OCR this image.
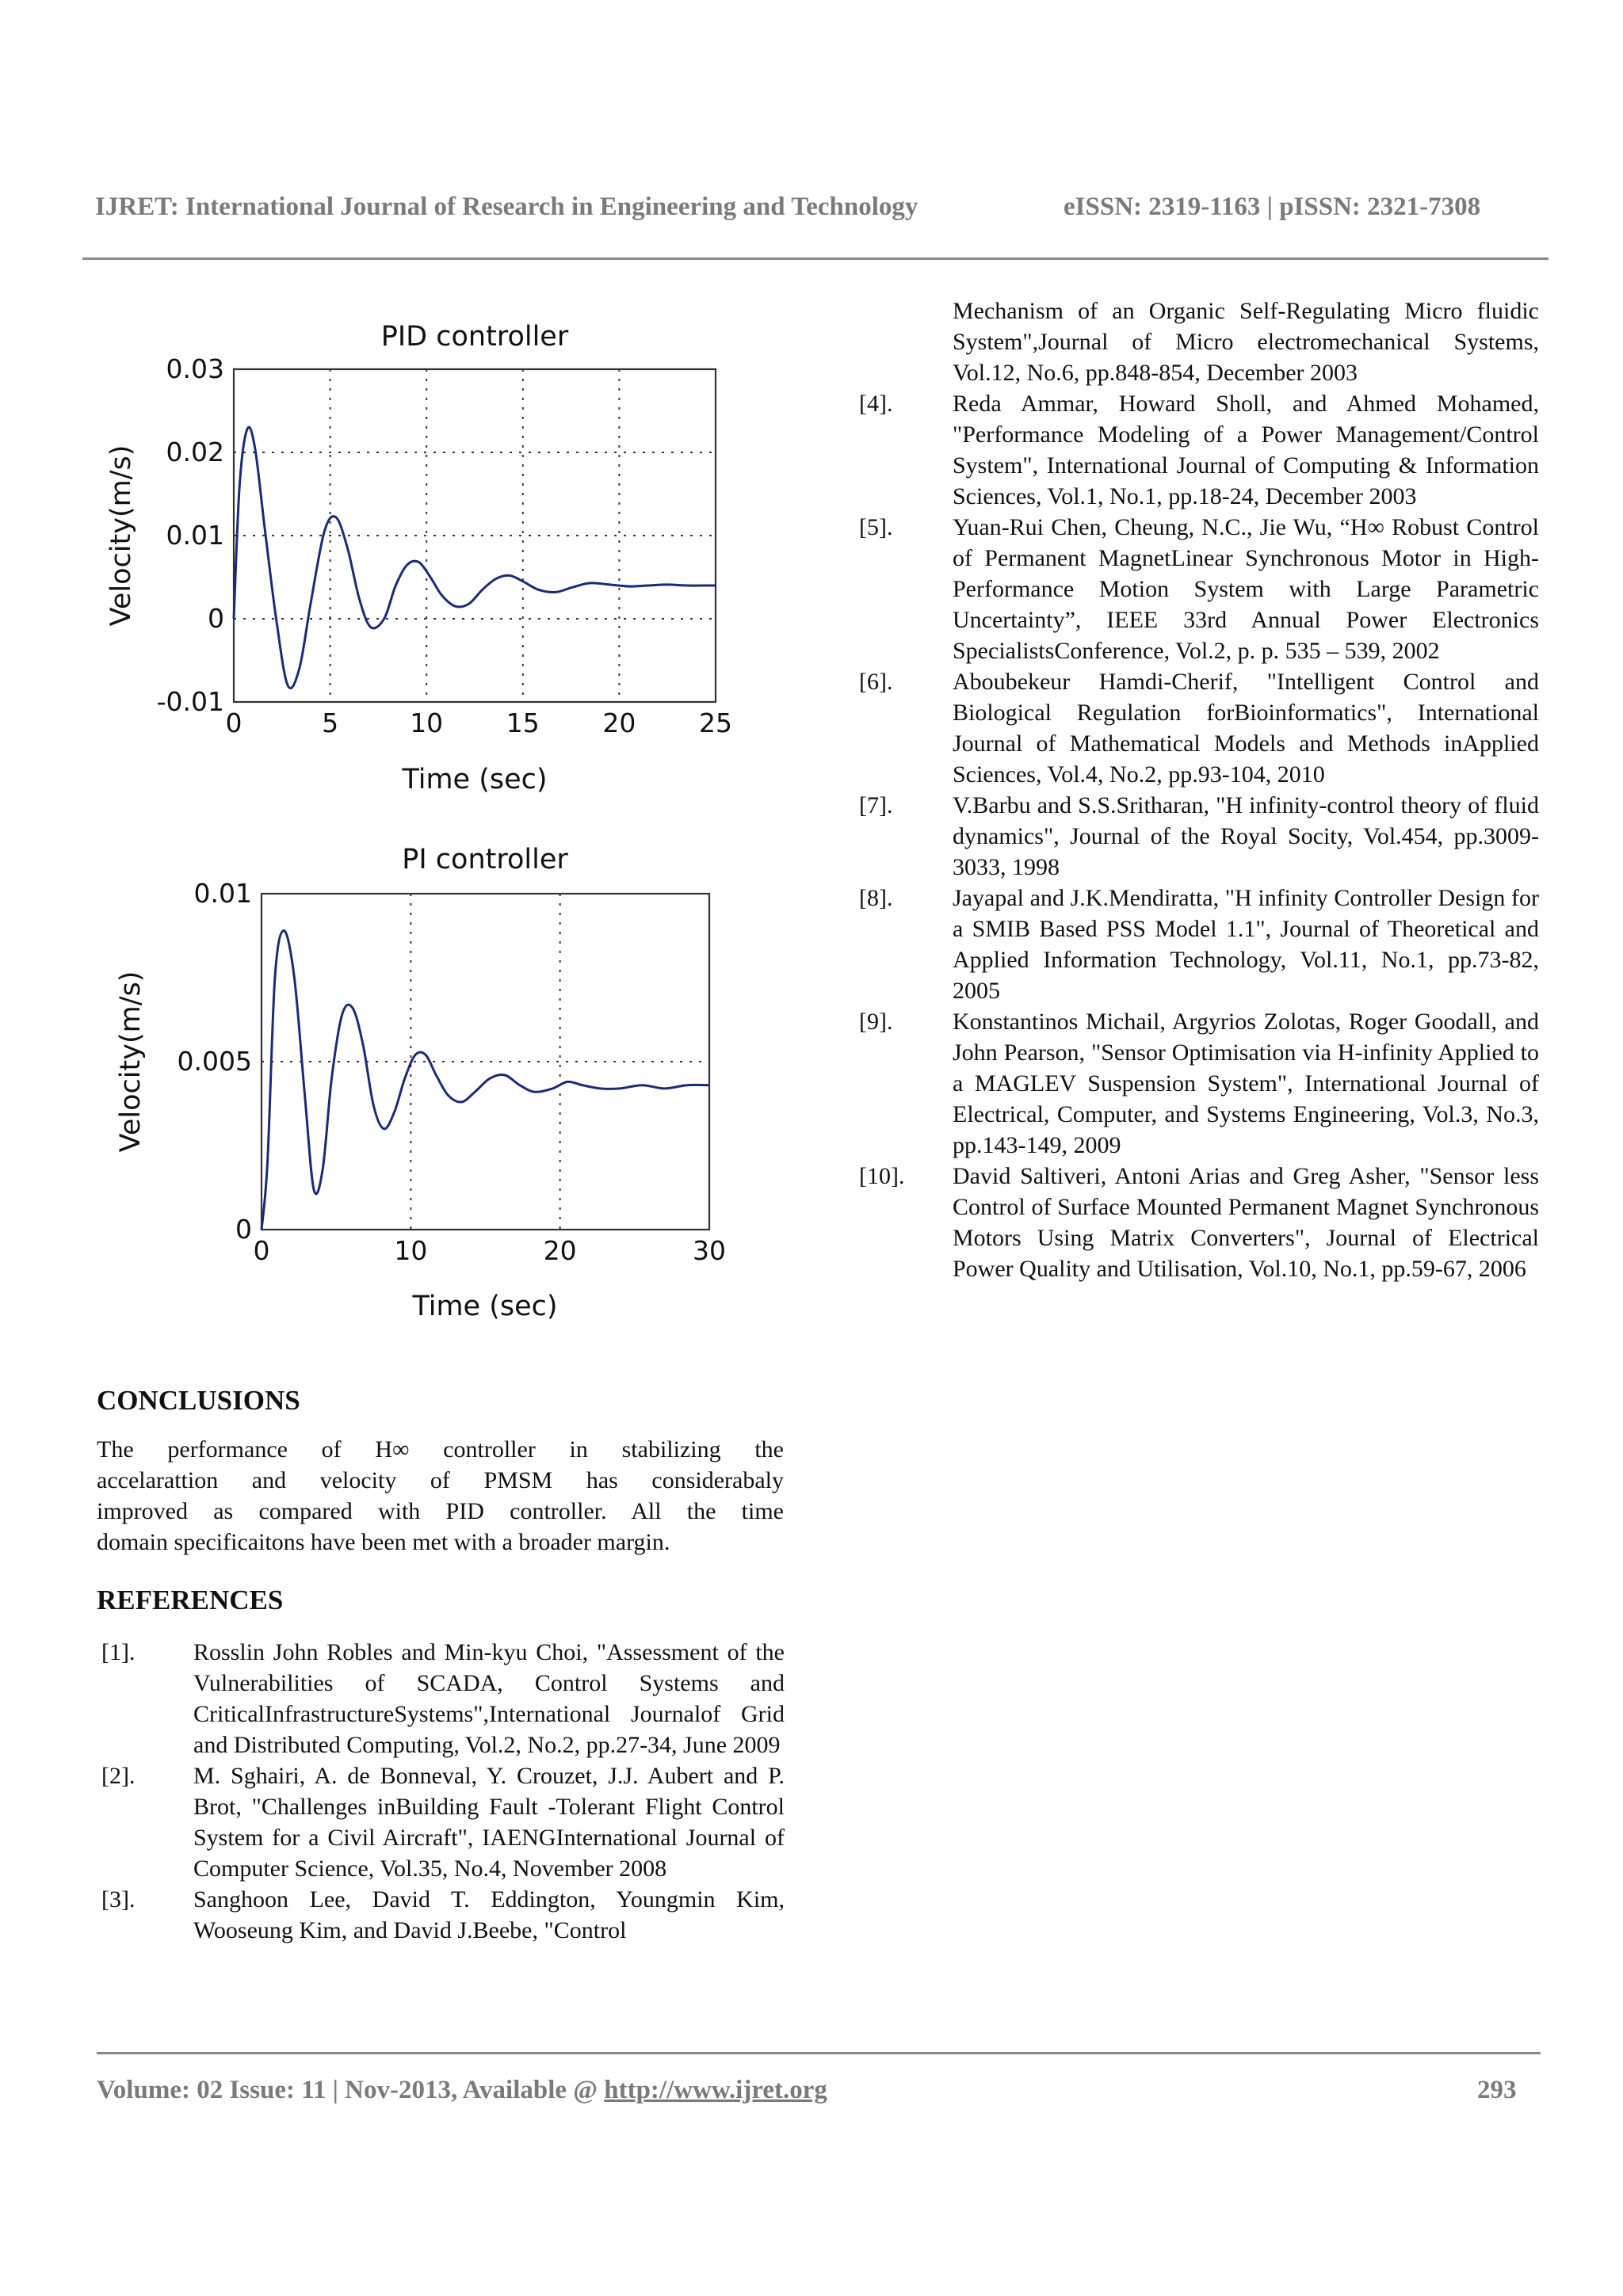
IJRET: International Journal of Research in Engineering and Technology	eISSN: 2319-1163 | pISSN: 2321-7308
PID controller
0	5	10 15 20 25
0.03
0.02
0.01
0
-0.01
Time (sec)
Velocity(m/s)
PI controller
0	10	20	30
0.01
0.005
0
Time (sec)
Velocity(m/s)
CONCLUSIONS
The performance of H∞ controller in stabilizing the
accelarattion and velocity of PMSM has considerabaly
improved as compared with PID controller. All the time
domain specificaitons have been met with a broader margin.
REFERENCES
[1]. Rosslin John Robles and Min-kyu Choi, "Assessment of the Vulnerabilities of SCADA, Control Systems and CriticalInfrastructureSystems",International Journalof Grid and Distributed Computing, Vol.2, No.2, pp.27-34, June 2009
[2]. M. Sghairi, A. de Bonneval, Y. Crouzet, J.J. Aubert and P. Brot, "Challenges inBuilding Fault -Tolerant Flight Control System for a Civil Aircraft", IAENGInternational Journal of Computer Science, Vol.35, No.4, November 2008
[3]. Sanghoon Lee, David T. Eddington, Youngmin Kim, Wooseung Kim, and David J.Beebe, "Control
Mechanism of an Organic Self-Regulating Micro fluidic System",Journal of Micro electromechanical Systems, Vol.12, No.6, pp.848-854, December 2003
[4].	Reda Ammar, Howard Sholl, and Ahmed Mohamed, "Performance Modeling of a Power Management/Control System", International Journal of Computing & Information Sciences, Vol.1, No.1, pp.18-24, December 2003
[5].	Yuan-Rui Chen, Cheung, N.C., Jie Wu, “H∞ Robust Control of Permanent MagnetLinear Synchronous Motor in High-Performance Motion System with Large Parametric Uncertainty”, IEEE 33rd Annual Power Electronics SpecialistsConference, Vol.2, p. p. 535 – 539, 2002
[6].	Aboubekeur Hamdi-Cherif, "Intelligent Control and Biological Regulation forBioinformatics", International Journal of Mathematical Models and Methods inApplied Sciences, Vol.4, No.2, pp.93-104, 2010
[7].	V.Barbu and S.S.Sritharan, "H infinity-control theory of fluid dynamics", Journal of the Royal Socity, Vol.454, pp.3009-3033, 1998
[8].	Jayapal and J.K.Mendiratta, "H infinity Controller Design for a SMIB Based PSS Model 1.1", Journal of Theoretical and Applied Information Technology, Vol.11, No.1, pp.73-82, 2005
[9].	Konstantinos Michail, Argyrios Zolotas, Roger Goodall, and John Pearson, "Sensor Optimisation via H-infinity Applied to a MAGLEV Suspension System", International Journal of Electrical, Computer, and Systems Engineering, Vol.3, No.3, pp.143-149, 2009
[10]. David Saltiveri, Antoni Arias and Greg Asher, "Sensor less Control of Surface Mounted Permanent Magnet Synchronous Motors Using Matrix Converters", Journal of Electrical Power Quality and Utilisation, Vol.10, No.1, pp.59-67, 2006
Volume: 02 Issue: 11 | Nov-2013, Available @ http://www.ijret.org	293
